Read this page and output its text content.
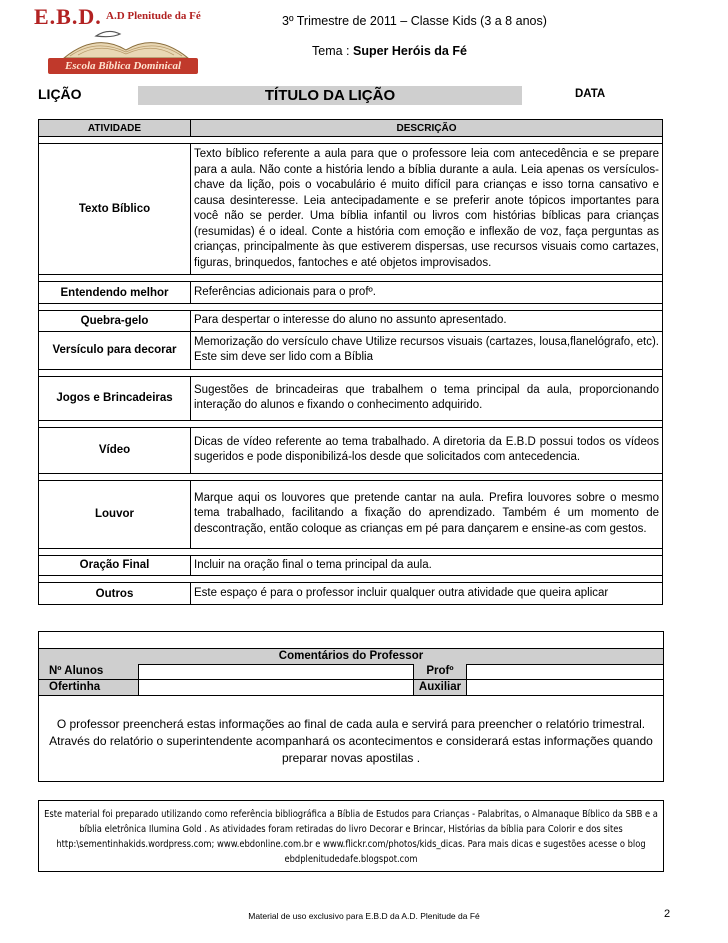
E.B.D. A.D Plenitude da Fé
Escola Bíblica Dominical
3º Trimestre de 2011 – Classe Kids (3 a 8 anos)
Tema : Super Heróis da Fé
LIÇÃO	TÍTULO DA LIÇÃO	DATA
ATIVIDADE	DESCRIÇÃO

Texto Bíblico	Texto bíblico referente a aula para que o professore leia com antecedência e se prepare para a aula. Não conte a história lendo a bíblia durante a aula. Leia apenas os versículos-chave da lição, pois o vocabulário é muito difícil para crianças e isso torna cansativo e causa desinteresse. Leia antecipadamente e se preferir anote tópicos importantes para você não se perder. Uma bíblia infantil ou livros com histórias bíblicas para crianças (resumidas) é o ideal. Conte a história com emoção e inflexão de voz, faça perguntas as crianças, principalmente às que estiverem dispersas, use recursos visuais como cartazes, figuras, brinquedos, fantoches e até objetos improvisados.

Entendendo melhor	Referências adicionais para o profº.

Quebra-gelo	Para despertar o interesse do aluno no assunto apresentado.
Versículo para decorar	Memorização do versículo chave Utilize recursos visuais (cartazes, lousa,flanelógrafo, etc). Este sim deve ser lido com a Bíblia

Jogos e Brincadeiras	Sugestões de brincadeiras que trabalhem o tema principal da aula, proporcionando interação do alunos e fixando o conhecimento adquirido.

Vídeo	Dicas de vídeo referente ao tema trabalhado. A diretoria da E.B.D possui todos os vídeos sugeridos e pode disponibilizá-los desde que solicitados com antecedencia.

Louvor	Marque aqui os louvores que pretende cantar na aula. Prefira louvores sobre o mesmo tema trabalhado, facilitando a fixação do aprendizado. Também é um momento de descontração, então coloque as crianças em pé para dançarem e ensine-as com gestos.

Oração Final	Incluir na oração final o tema principal da aula.

Outros	Este espaço é para o professor incluir qualquer outra atividade que queira aplicar
Comentários do Professor
Nº Alunos	Profº
Ofertinha	Auxiliar
O professor preencherá estas informações ao final de cada aula e servirá para preencher o relatório trimestral. Através do relatório o superintendente acompanhará os acontecimentos e considerará estas informações quando preparar novas apostilas .

Este material foi preparado utilizando como referência bibliográfica a Bíblia de Estudos para Crianças - Palabritas, o Almanaque Bíblico da SBB e a bíblia eletrônica Ilumina Gold . As atividades foram retiradas do livro Decorar e Brincar, Histórias da bíblia para Colorir e dos sites http:\sementinhakids.wordpress.com; www.ebdonline.com.br e www.flickr.com/photos/kids_dicas. Para mais dicas e sugestões acesse o blog ebdplenitudedafe.blogspot.com

Material de uso exclusivo para E.B.D da A.D. Plenitude da Fé	2
